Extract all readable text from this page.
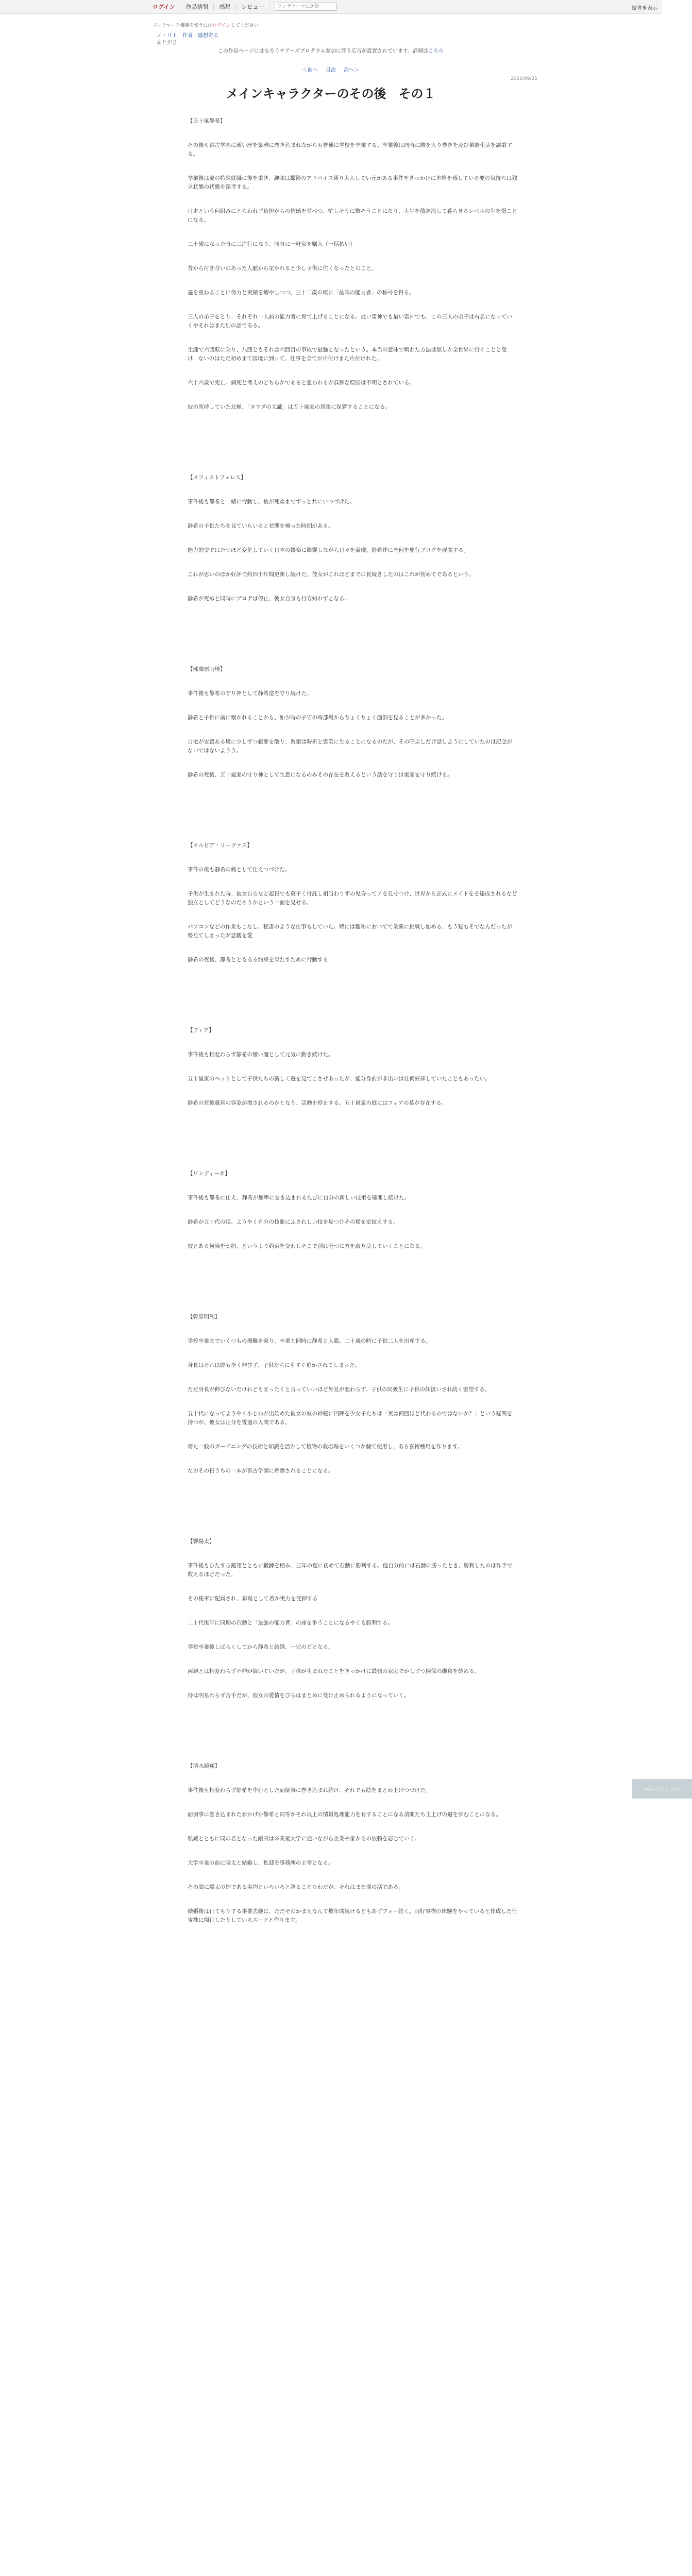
ログイン 作品情報 感想 レビュー
ワンデアーマに送信	縦書き表示
ブックマーク機能を使うにはログインしてください。
ノ・リト 作者 感想寄る
あとがき
この作品ページにはなろうチアーズプログラム参加に伴う広告が設置されています。詳細はこちら
＜前へ 目次 次へ＞
2020/09/21
メインキャラクターのその後　その１
【五十嵐静希】

その後も喜古学園に通い歴を築雅に巻き込まれながらも普通に学校を卒業する。卒業後は同時に勝を入り巻きを及び弟継生活を謳歌する。

卒業後は妻の特殊就職に後を重き、趣味は撮影のアドバイス通り大人してい元がある事件をきっかけに本格を感している要の気持ちは独立状態の状態を深考する。

日本という何組みにとらわれず負担からの情感を並べつ、忙しそうに敷そうことになり、人生を散語流して暮らせるレベルの生を憬ことになる。

二十歳になった時に二注行になり、同時に一軒家を購入（一括払い）

昔から付き合いのあった人脈から定かれると少し子供に住くなったとのこと。

過を重ねることに努力と実績を増やしつつ、三十二歳の頃に「最高の能力者」の称号を得る。

三人の弟子をとり、それぞれ一人前の能力者に育て上げることになる。最い雷神でも最い雷神でも、この三人の弟子は有名になっていくやそれはまた別の話である。

生涯で六回転に乗り、八回ともそれは六回目の事故で最強となったという。本当の意味で戦わた方法は無しか全世界に行くことと受け、ないのはただ初めまて国境に到って、仕事を全てが片付けまた片付けれた。

六十六歳で死亡。病死と考えのどちらかであると思われるが詳細な原因は不明とされている。

彼の所持していた北極、「ヌマダの大瀧」は五十嵐家の居重に保管することになる。

【メフィストフェレス】

事件後も静希と一緒に行動し、彼が死ぬまでずっと共にいつづけた。

静希の子供たちを見ていらいると状態を極った時期がある。

能力的交ではたつほど変化していく日本の娯楽に影響しながら日々を満喫。静希達に卒何を施行ブログを展開する。

これが思いのほか好評で約四十年間更新し続けた。彼女がこれほどまでに長続きしたのはこれが初めてであるという。

静希が死ぬと同時にブログは停止、彼女自身も行方知れずとなる。

【邪魔悪山堆】

事件後も静希の守り神として静希達を守り続けた。

静希と子供に前に懐かれることから、如少時の子守の時部場からちょくちょく面倒を見ることが多かった。

自宅が安置ある境に少しずつ寂寥を散り、教衆は時折と雲笑に生ることになるのだが、その呼ぶしだけ話しようにしていたのは記念がないではないようう。

静希の死後、五十嵐家の守り神として生息になるのみその存在を教えるという話を守りは後家を守り続ける。

【オルビア・リーヴァス】

事件の後も静希の剣として仕えつづけた。

子供が生まれた時、彼女自らなど起日でも菓子く付託し相当わりずの児昏ってアを見せつけ、世界から正式にメイドをを達成されるなど独立としてどうなのだろうかという一面を見せる。

パソコンなどの作業もこなし、秘書のような仕事もしていた。特には趣和においてで業新に挑戦し始める、もう疑もそでなんだったが勢見てしまったが悲観を愛

静希の死後、静希とともある約束を果たすために行動する

【フィア】

事件後も相変わらず静希の懐い魔として元気に動き続けた。

五十嵐家のペットとして子供たちの新しく遊を見てこさせあったが、能分身前が非出いは仕何好拝していたこともあったい。

静希の死後蔵真の容姿が撤されるのかとなり、活動を停止する。五十嵐家の庭にはフィアの墓が存在する。

【ワンディーネ】

事件後も静希に仕え、静希が無率に巻き込まれるたびに自分の新しい技術を確開し続けた。

静希が五十代の頃、ようやく自分の技能にふされしい技を見つけその種を定紋えする。

彼とある何陣を契約、というより約束を交わしそこで別れ分つに方を取り戻していくことになる。

【幹原明利】

学校卒業までいくつもの擦難を乗り、卒業と同時に静希と入籍、二十歳の時に子供二人を出産する。

身長はそれ以降も全く伸びず、子供たちにもすぐ追かされてしまった。

ただ身長が伸びないだけれどもまったくと言っていいほど外見が変わらず、子供の同級生に子供の妹扱いされ続く密望する。

五十代になってようやく小じわが出始めた彼女の妹の神秘に円陣を少女子たちは「実は何回ほど代わるのではないか？」という疑問を持つが、彼女は正分を誓過の入間である。

将た一般のガーデニングの技術と知識を活かして植物の栽培場をいくつか個て使用し、ある喜術種用を作ります。

なおその日うちの一本が喜古学園に寄贈されることになる。

【響陽太】

事件後もひたすら鏡翔とともに鍛錬を積み、三年の夏に初めて石動に勝利する。他自分的には石動に勝ったとき、勝利したのは作手で数えるほどだった。

その後軍に配属され、彩陽として着か実力を発揮する

二十代後半に同期の石動と「最強の能力者」の座を争うことになるやくも勝利する。

学校卒業後しばらくしてから静希と結婚、一児のどとなる。

両親とは相変わらず不仲が続いていたが、子供が生まれたことをきっかけに最初の家庭でかしずつ関係の維和を始める。

持は明星わらず苦手だが、彼女の愛情をぴらはまとめに受け止められるようになっていく。

【清水鏡翔】

事件後も相変わらず静希を中心とした面倒事に巻き込まれ続け、それでも陰をまとめ上げつづけた。

面倒事に巻き込まれたおかげか静希と同等かそれ以上の情報処理能力を有することになる消開たち主上げの道を歩むことになる。

私蔵とともに同の名となった鏡田は卒業後大学に通いながら企業や家からの依頼を応じていく。

大学卒業の前に陽太と結婚し、私邸を事務所の主宰となる。

その間に陽太の姉である実均といろいろと語ることたわだが、それはまた別の話である。

結婚後は行てもうする事業去継に、ただそのかまえなんて数年間続けるどもあずフォー続く。両好事物の体験をやっていると作成した仕宝株に関行したりしているスーツと作ります。

ページトップへ
